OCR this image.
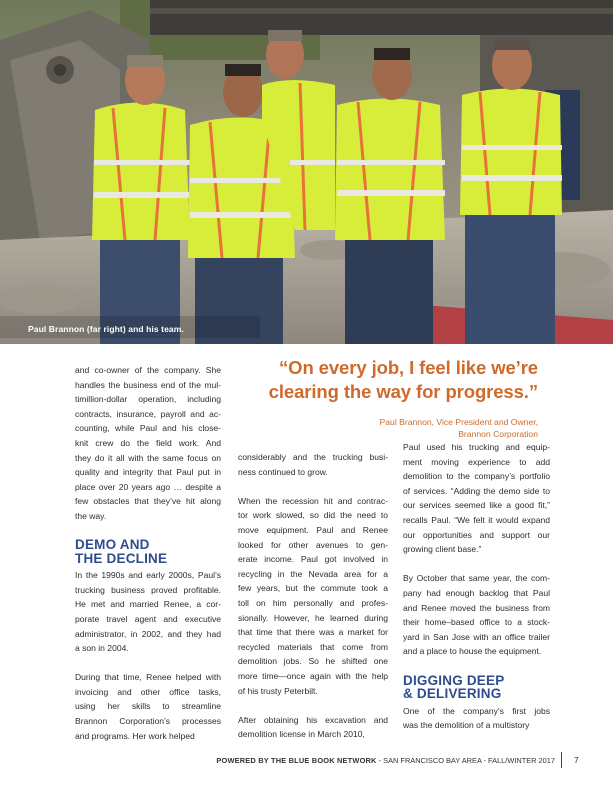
Paul Brannon (far right) and his team.
“On every job, I feel like we’re
clearing the way for progress.”
Paul Brannon, Vice President and Owner,
Brannon Corporation

and co-owner of the company. She
handles the business end of the mul-
timillion-dollar operation, including
contracts, insurance, payroll and ac-
counting, while Paul and his close-
knit crew do the field work. And
they do it all with the same focus on
quality and integrity that Paul put in
place over 20 years ago … despite a
few obstacles that they’ve hit along
the way.

DEMO AND
THE DECLINE

In the 1990s and early 2000s, Paul’s
trucking business proved profitable.
He met and married Renee, a cor-
porate travel agent and executive
administrator, in 2002, and they had
a son in 2004.

During that time, Renee helped with
invoicing and other office tasks,
using her skills to streamline
Brannon Corporation’s processes
and programs. Her work helped

considerably and the trucking busi-
ness continued to grow.

When the recession hit and contrac-
tor work slowed, so did the need to
move equipment. Paul and Renee
looked for other avenues to gen-
erate income. Paul got involved in
recycling in the Nevada area for a
few years, but the commute took a
toll on him personally and profes-
sionally. However, he learned during
that time that there was a market for
recycled materials that come from
demolition jobs. So he shifted one
more time—once again with the help
of his trusty Peterbilt.

After obtaining his excavation and
demolition license in March 2010,

Paul used his trucking and equip-
ment moving experience to add
demolition to the company’s portfolio
of services. “Adding the demo side to
our services seemed like a good fit,”
recalls Paul. “We felt it would expand
our opportunities and support our
growing client base.”

By October that same year, the com-
pany had enough backlog that Paul
and Renee moved the business from
their home–based office to a stock-
yard in San Jose with an office trailer
and a place to house the equipment.

DIGGING DEEP
& DELIVERING

One of the company’s first jobs
was the demolition of a multistory

POWERED BY THE BLUE BOOK NETWORK - SAN FRANCISCO BAY AREA - FALL/WINTER 2017 7
